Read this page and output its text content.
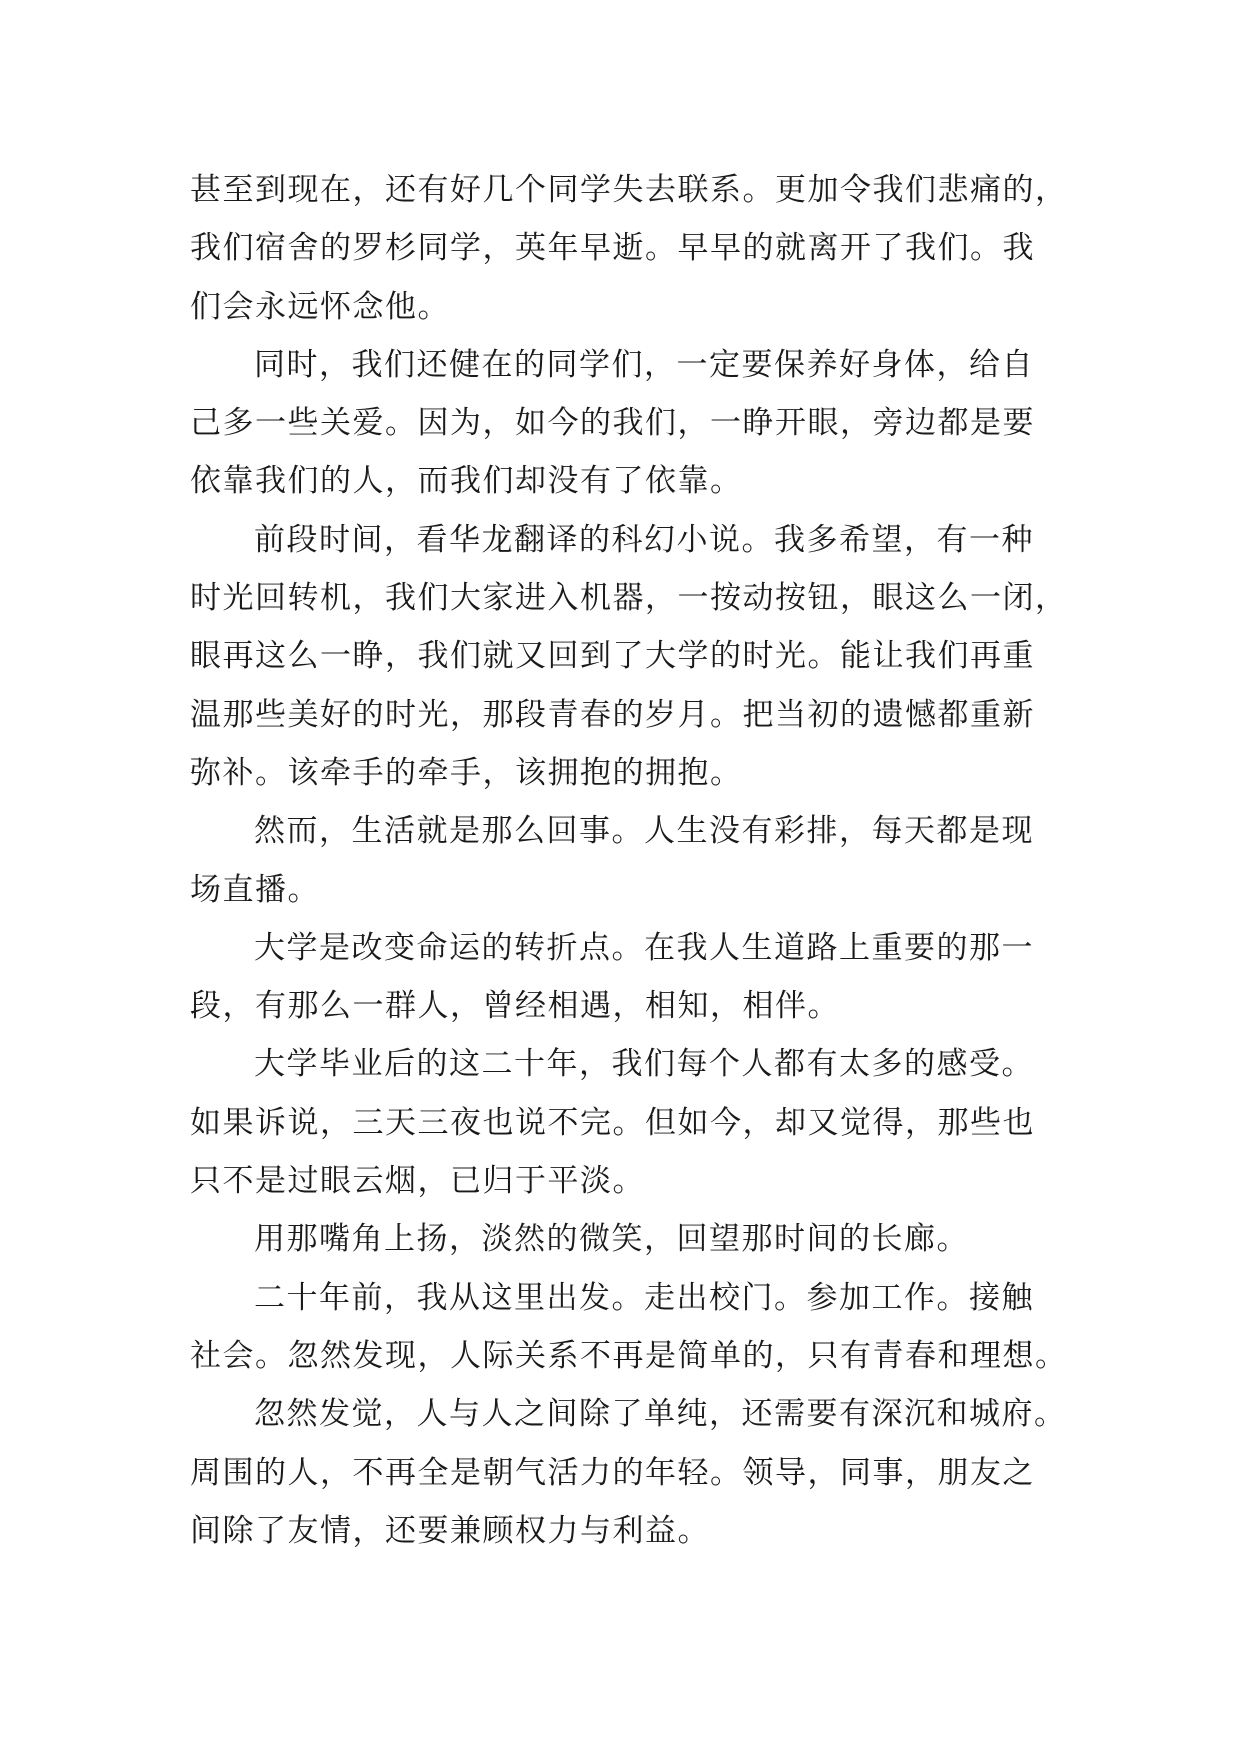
甚至到现在，还有好几个同学失去联系。更加令我们悲痛的，
我们宿舍的罗杉同学，英年早逝。早早的就离开了我们。我
们会永远怀念他。
同时，我们还健在的同学们，一定要保养好身体，给自
己多一些关爱。因为，如今的我们，一睁开眼，旁边都是要
依靠我们的人，而我们却没有了依靠。
前段时间，看华龙翻译的科幻小说。我多希望，有一种
时光回转机，我们大家进入机器，一按动按钮，眼这么一闭，
眼再这么一睁，我们就又回到了大学的时光。能让我们再重
温那些美好的时光，那段青春的岁月。把当初的遗憾都重新
弥补。该牵手的牵手，该拥抱的拥抱。
然而，生活就是那么回事。人生没有彩排，每天都是现
场直播。
大学是改变命运的转折点。在我人生道路上重要的那一
段，有那么一群人，曾经相遇，相知，相伴。
大学毕业后的这二十年，我们每个人都有太多的感受。
如果诉说，三天三夜也说不完。但如今，却又觉得，那些也
只不是过眼云烟，已归于平淡。
用那嘴角上扬，淡然的微笑，回望那时间的长廊。
二十年前，我从这里出发。走出校门。参加工作。接触
社会。忽然发现，人际关系不再是简单的，只有青春和理想。
忽然发觉，人与人之间除了单纯，还需要有深沉和城府。
周围的人，不再全是朝气活力的年轻。领导，同事，朋友之
间除了友情，还要兼顾权力与利益。
